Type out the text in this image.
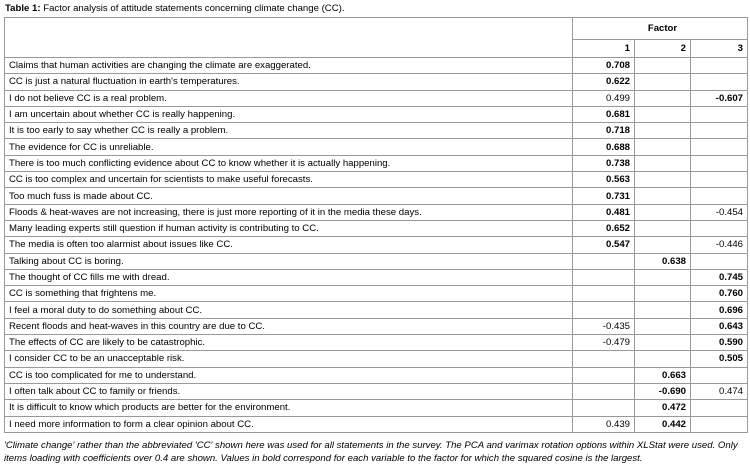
Table 1: Factor analysis of attitude statements concerning climate change (CC).
		Factor	
	1	2	3
Claims that human activities are changing the climate are exaggerated.	0.708		
CC is just a natural fluctuation in earth's temperatures.	0.622		
I do not believe CC is a real problem.	0.499		-0.607
I am uncertain about whether CC is really happening.	0.681		
It is too early to say whether CC is really a problem.	0.718		
The evidence for CC is unreliable.	0.688		
There is too much conflicting evidence about CC to know whether it is actually happening.	0.738		
CC is too complex and uncertain for scientists to make useful forecasts.	0.563		
Too much fuss is made about CC.	0.731		
Floods & heat-waves are not increasing, there is just more reporting of it in the media these days.	0.481		-0.454
Many leading experts still question if human activity is contributing to CC.	0.652		
The media is often too alarmist about issues like CC.	0.547		-0.446
Talking about CC is boring.		0.638	
The thought of CC fills me with dread.			0.745
CC is something that frightens me.			0.760
I feel a moral duty to do something about CC.			0.696
Recent floods and heat-waves in this country are due to CC.	-0.435		0.643
The effects of CC are likely to be catastrophic.	-0.479		0.590
I consider CC to be an unacceptable risk.			0.505
CC is too complicated for me to understand.		0.663	
I often talk about CC to family or friends.		-0.690	0.474
It is difficult to know which products are better for the environment.		0.472	
I need more information to form a clear opinion about CC.	0.439	0.442	
'Climate change' rather than the abbreviated 'CC' shown here was used for all statements in the survey. The PCA and varimax rotation options within XLStat were used. Only items loading with coefficients over 0.4 are shown. Values in bold correspond for each variable to the factor for which the squared cosine is the largest.
